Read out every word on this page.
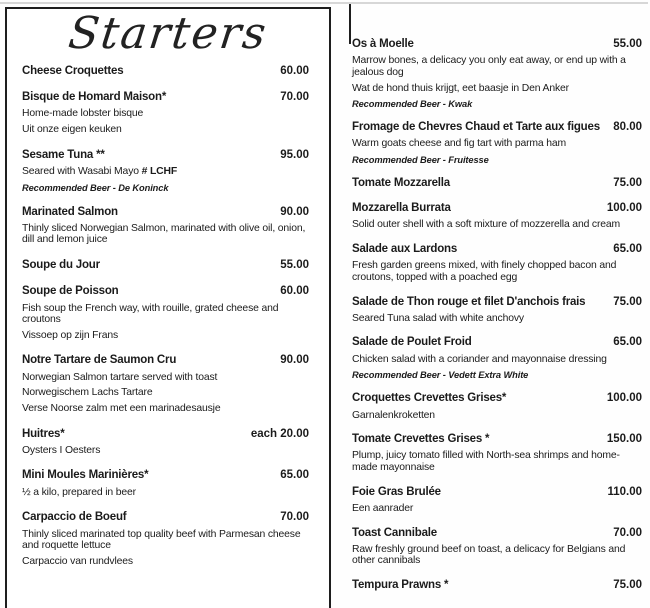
Starters
Cheese Croquettes	60.00
Bisque de Homard Maison*	70.00
Home-made lobster bisque
Uit onze eigen keuken
Sesame Tuna **	95.00
Seared with Wasabi Mayo # LCHF
Recommended Beer - De Koninck
Marinated Salmon	90.00
Thinly sliced Norwegian Salmon, marinated with olive oil, onion, dill and lemon juice
Soupe du Jour	55.00
Soupe de Poisson	60.00
Fish soup the French way, with rouille, grated cheese and croutons
Vissoep op zijn Frans
Notre Tartare de Saumon Cru	90.00
Norwegian Salmon tartare served with toast
Norwegischem Lachs Tartare
Verse Noorse zalm met een marinadesausje
Huitres*	each 20.00
Oysters I Oesters
Mini Moules Marinières*	65.00
½ a kilo, prepared in beer
Carpaccio de Boeuf	70.00
Thinly sliced marinated top quality beef with Parmesan cheese and roquette lettuce
Carpaccio van rundvlees
Os à Moelle	55.00
Marrow bones, a delicacy you only eat away, or end up with a jealous dog
Wat de hond thuis krijgt, eet baasje in Den Anker
Recommended Beer - Kwak
Fromage de Chevres Chaud et Tarte aux figues 80.00
Warm goats cheese and fig tart with parma ham
Recommended Beer - Fruitesse
Tomate Mozzarella	75.00
Mozzarella Burrata	100.00
Solid outer shell with a soft mixture of mozzerella and cream
Salade aux Lardons	65.00
Fresh garden greens mixed, with finely chopped bacon and croutons, topped with a poached egg
Salade de Thon rouge et filet D'anchois frais 75.00
Seared Tuna salad with white anchovy
Salade de Poulet Froid	65.00
Chicken salad with a coriander and mayonnaise dressing
Recommended Beer - Vedett Extra White
Croquettes Crevettes Grises*	100.00
Garnalenkroketten
Tomate Crevettes Grises *	150.00
Plump, juicy tomato filled with North-sea shrimps and home-made mayonnaise
Foie Gras Brulée	110.00
Een aanrader
Toast Cannibale	70.00
Raw freshly ground beef on toast, a delicacy for Belgians and other cannibals
Tempura Prawns *	75.00
